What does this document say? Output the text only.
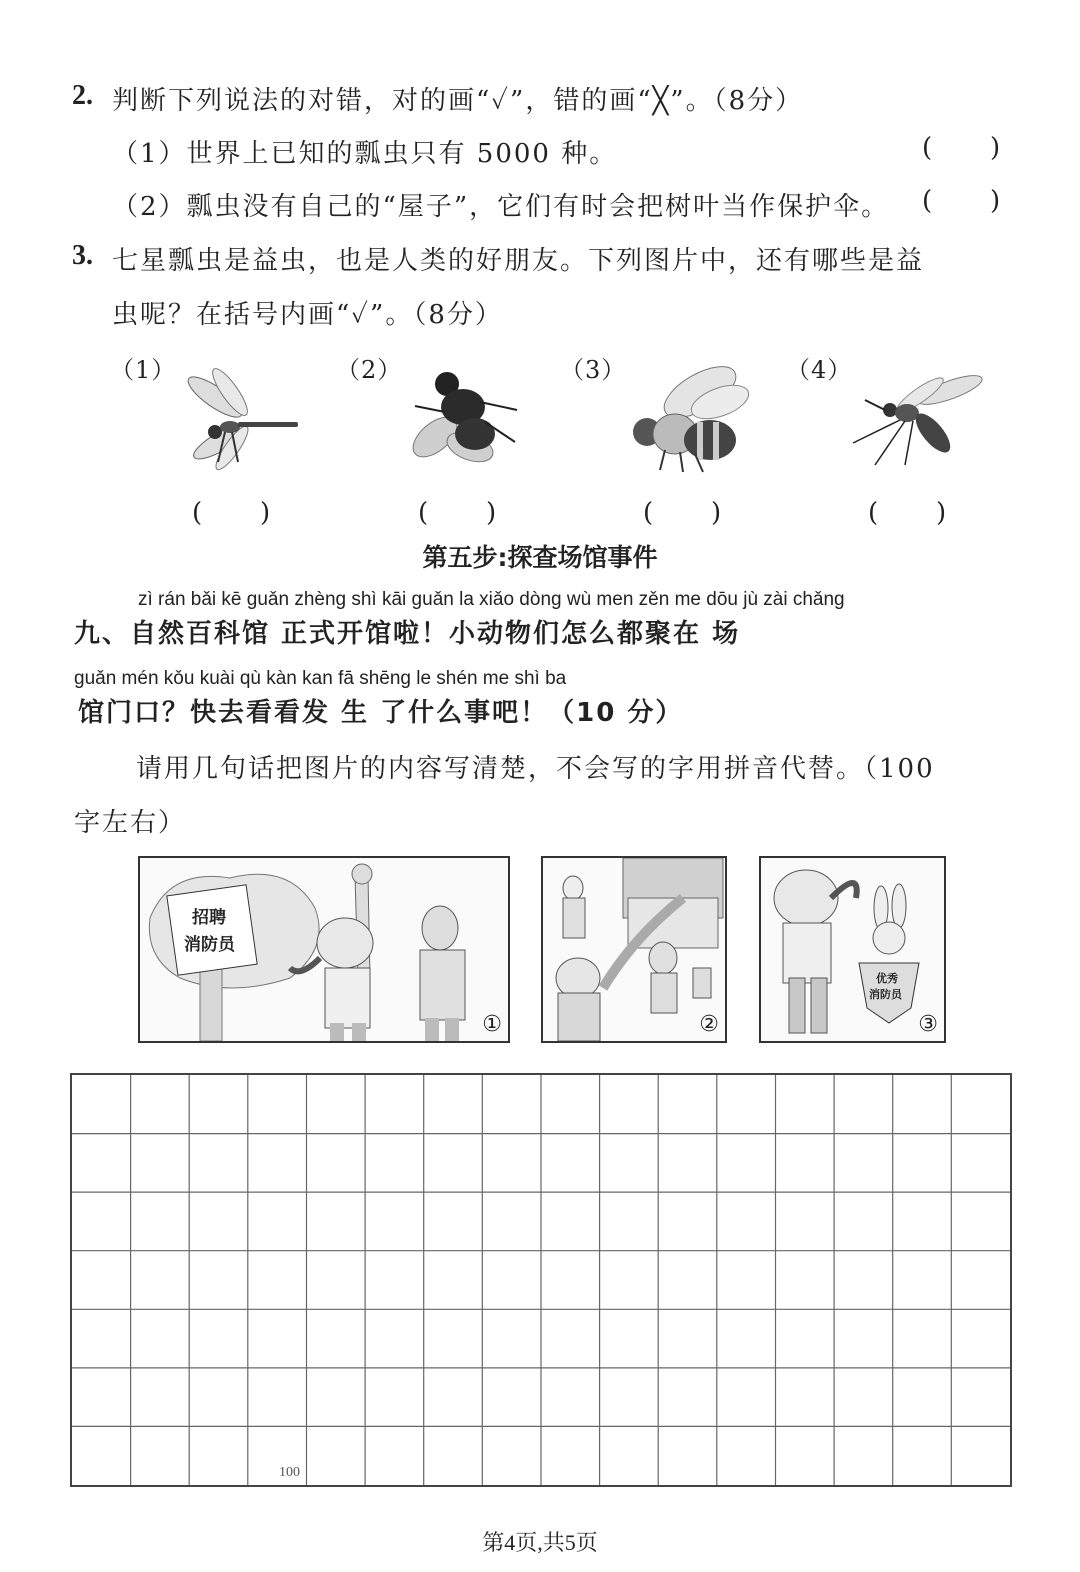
2. 判断下列说法的对错，对的画“✓”，错的画“╳”。（8分）
（1）世界上已知的瓢虫只有 5000 种。	(       )
（2）瓢虫没有自己的“屋子”，它们有时会把树叶当作保护伞。 (       )
3. 七星瓢虫是益虫，也是人类的好朋友。下列图片中，还有哪些是益
虫呢？在括号内画“✓”。（8分）
（1）	（2）	（3）	（4）
(       )	(       )	(       )	(       )
第五步:探查场馆事件
zì rán bǎi kē guǎn zhèng shì kāi guǎn la xiǎo dòng wù men zěn me dōu jù zài chǎng
九、自然百科馆 正式开馆啦！小动物们怎么都聚在 场
guǎn mén kǒu kuài qù kàn kan fā shēng le shén me shì ba
馆门口？快去看看发 生 了什么事吧！（10 分）
请用几句话把图片的内容写清楚，不会写的字用拼音代替。（100
字左右）
招聘
消防员
①	②
优秀
消防员
③
100
第4页,共5页
